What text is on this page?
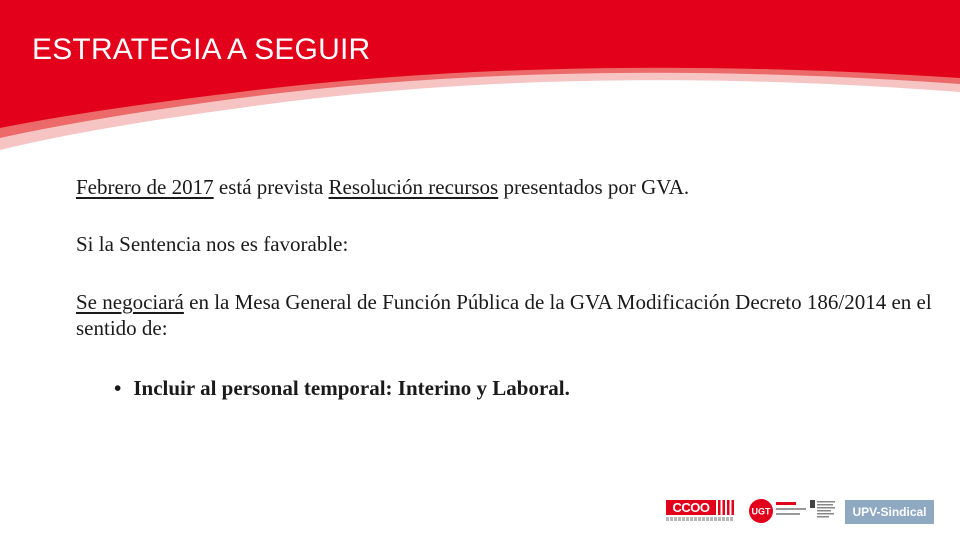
ESTRATEGIA A SEGUIR

Febrero de 2017 está prevista Resolución recursos presentados por GVA.

Si la Sentencia nos es favorable:

Se negociará en la Mesa General de Función Pública de la GVA Modificación Decreto 186/2014 en el sentido de:

• Incluir al personal temporal: Interino y Laboral.

CCOO	UGT	UPV-Sindical
